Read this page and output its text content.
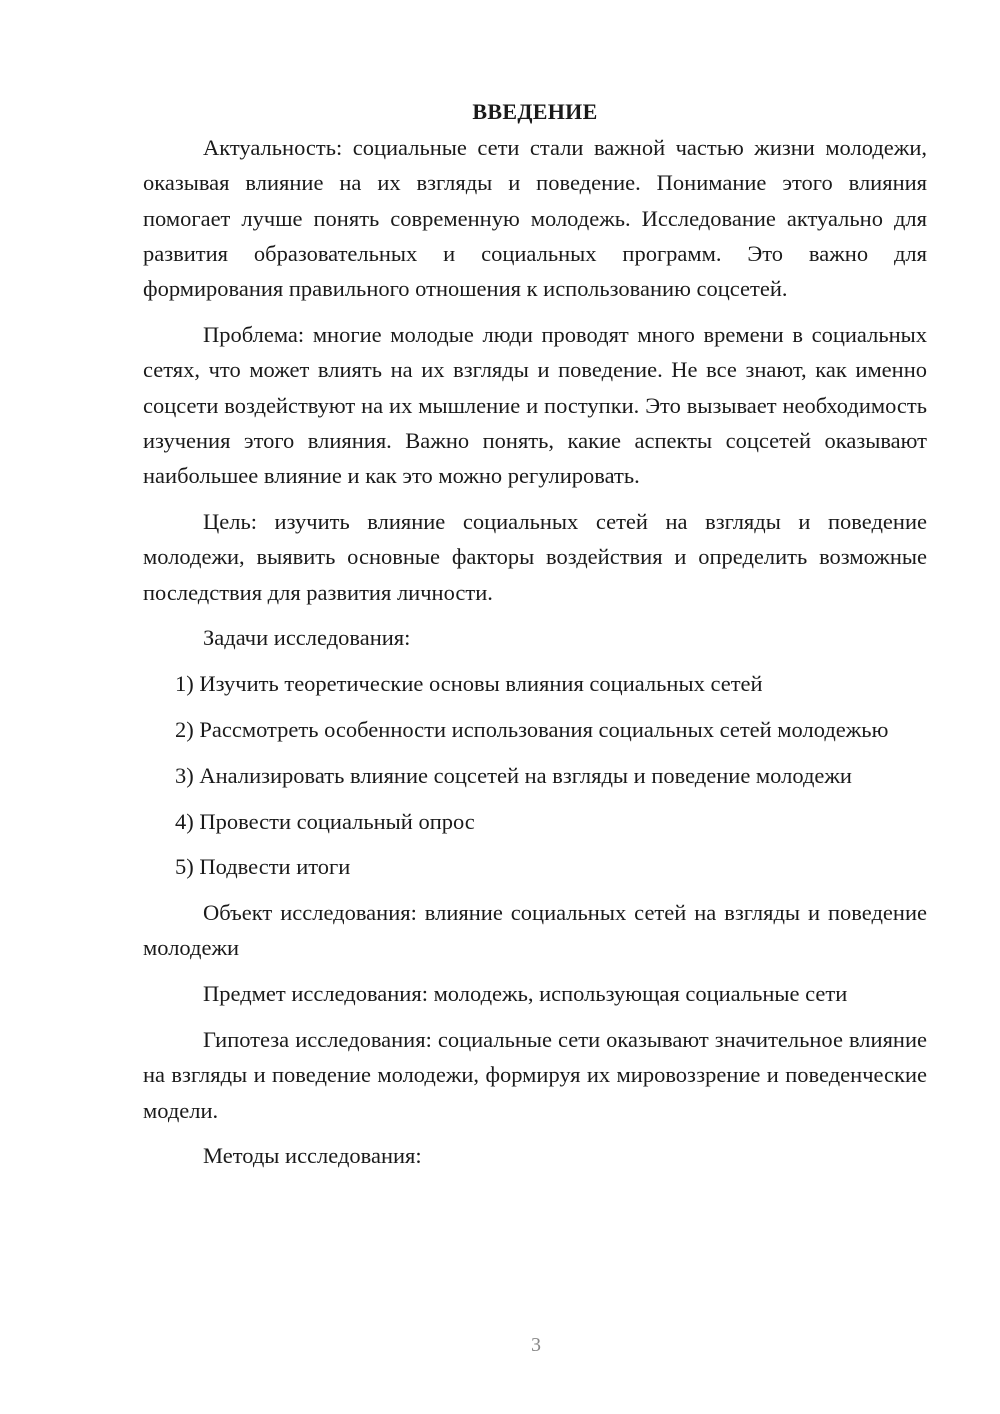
ВВЕДЕНИЕ

Актуальность: социальные сети стали важной частью жизни молодежи, оказывая влияние на их взгляды и поведение. Понимание этого влияния помогает лучше понять современную молодежь. Исследование актуально для развития образовательных и социальных программ. Это важно для формирования правильного отношения к использованию соцсетей.

Проблема: многие молодые люди проводят много времени в социальных сетях, что может влиять на их взгляды и поведение. Не все знают, как именно соцсети воздействуют на их мышление и поступки. Это вызывает необходимость изучения этого влияния. Важно понять, какие аспекты соцсетей оказывают наибольшее влияние и как это можно регулировать.

Цель: изучить влияние социальных сетей на взгляды и поведение молодежи, выявить основные факторы воздействия и определить возможные последствия для развития личности.

Задачи исследования:

1) Изучить теоретические основы влияния социальных сетей

2) Рассмотреть особенности использования социальных сетей молодежью

3) Анализировать влияние соцсетей на взгляды и поведение молодежи

4) Провести социальный опрос

5) Подвести итоги

Объект исследования: влияние социальных сетей на взгляды и поведение молодежи

Предмет исследования: молодежь, использующая социальные сети

Гипотеза исследования: социальные сети оказывают значительное влияние на взгляды и поведение молодежи, формируя их мировоззрение и поведенческие модели.

Методы исследования:

3
